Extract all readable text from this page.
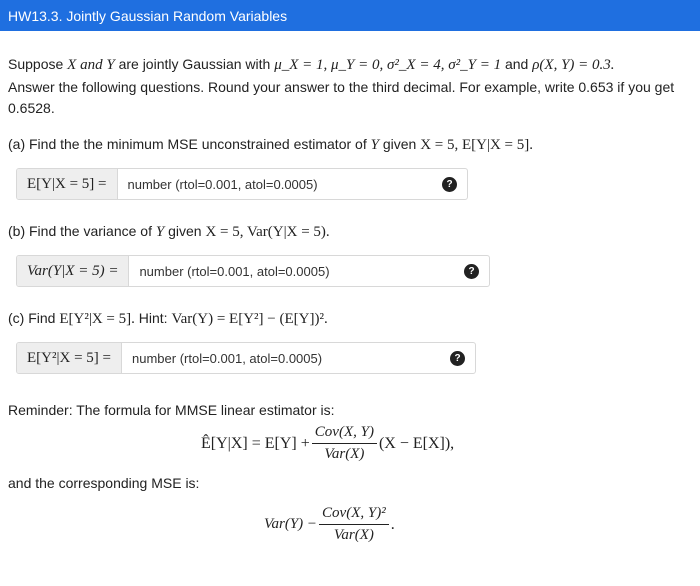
HW13.3. Jointly Gaussian Random Variables
Suppose X and Y are jointly Gaussian with μ_X = 1, μ_Y = 0, σ²_X = 4, σ²_Y = 1 and ρ(X, Y) = 0.3.
Answer the following questions. Round your answer to the third decimal. For example, write 0.653 if you get 0.6528.
(a) Find the the minimum MSE unconstrained estimator of Y given X = 5, E[Y|X = 5].
E[Y|X = 5] =
number (rtol=0.001, atol=0.0005)	?
(b) Find the variance of Y given X = 5, Var(Y|X = 5).
Var(Y|X = 5) =
number (rtol=0.001, atol=0.0005)	?
(c) Find E[Y²|X = 5]. Hint: Var(Y) = E[Y²] − (E[Y])².
E[Y²|X = 5] =
number (rtol=0.001, atol=0.0005)	?
Reminder: The formula for MMSE linear estimator is:
Ê[Y|X] = $E[Y] + \frac{\text{Cov(X, Y)}}{\text{Var(X)}} (X - E[X])$,
and the corresponding MSE is:
$Var(Y) - \frac{\text{Cov(X, Y)²}}{\text{Var(X)}}$ .
